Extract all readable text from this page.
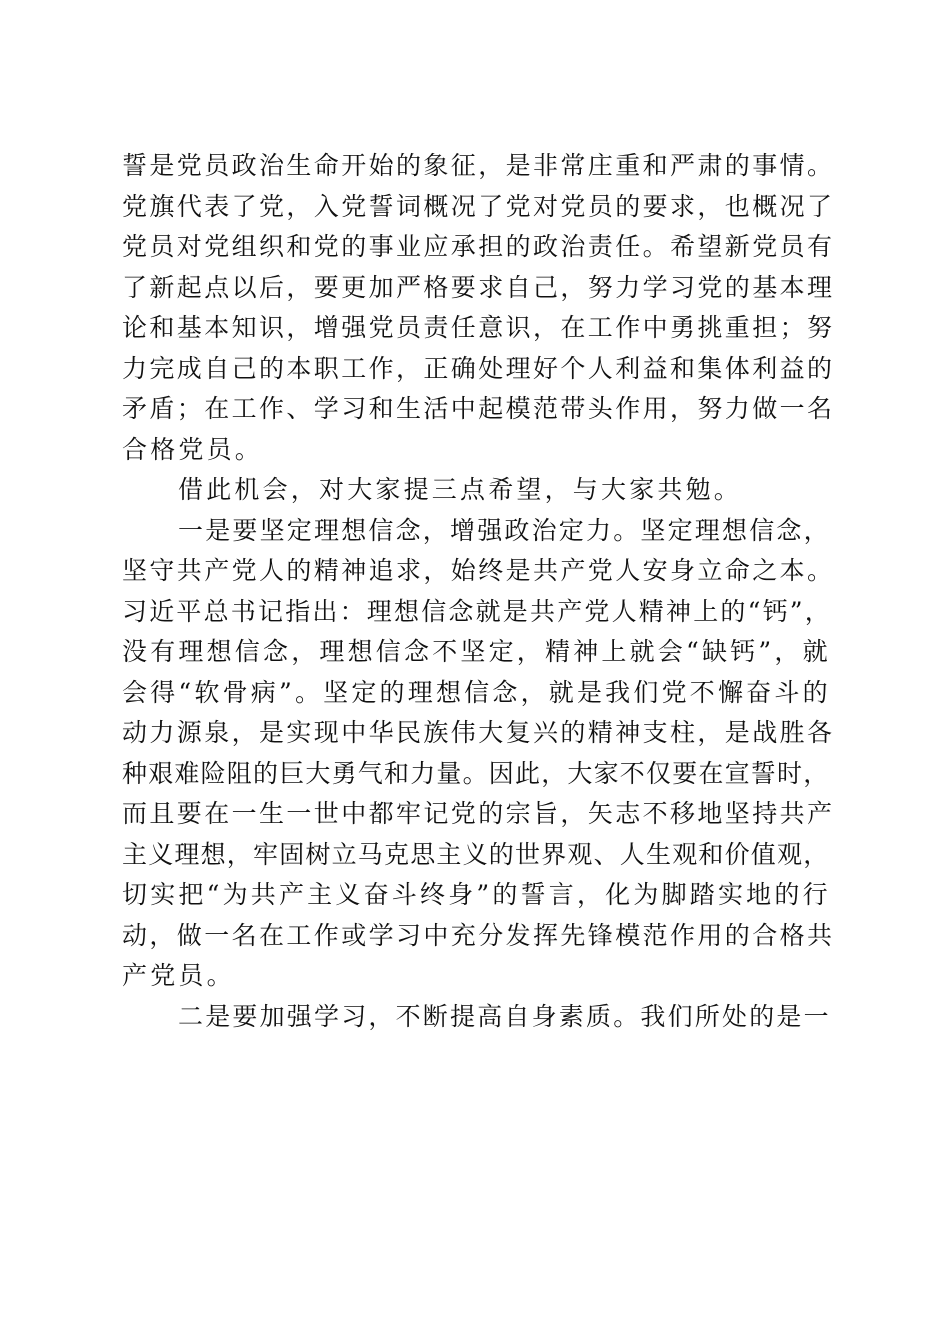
誓是党员政治生命开始的象征，是非常庄重和严肃的事情。
党旗代表了党，入党誓词概况了党对党员的要求，也概况了
党员对党组织和党的事业应承担的政治责任。希望新党员有
了新起点以后，要更加严格要求自己，努力学习党的基本理
论和基本知识，增强党员责任意识，在工作中勇挑重担；努
力完成自己的本职工作，正确处理好个人利益和集体利益的
矛盾；在工作、学习和生活中起模范带头作用，努力做一名
合格党员。
借此机会，对大家提三点希望，与大家共勉。
一是要坚定理想信念，增强政治定力。坚定理想信念，
坚守共产党人的精神追求，始终是共产党人安身立命之本。
习近平总书记指出：理想信念就是共产党人精神上的“钙”，
没有理想信念，理想信念不坚定，精神上就会“缺钙”，就
会得“软骨病”。坚定的理想信念，就是我们党不懈奋斗的
动力源泉，是实现中华民族伟大复兴的精神支柱，是战胜各
种艰难险阻的巨大勇气和力量。因此，大家不仅要在宣誓时，
而且要在一生一世中都牢记党的宗旨，矢志不移地坚持共产
主义理想，牢固树立马克思主义的世界观、人生观和价值观，
切实把“为共产主义奋斗终身”的誓言，化为脚踏实地的行
动，做一名在工作或学习中充分发挥先锋模范作用的合格共
产党员。
二是要加强学习，不断提高自身素质。我们所处的是一
